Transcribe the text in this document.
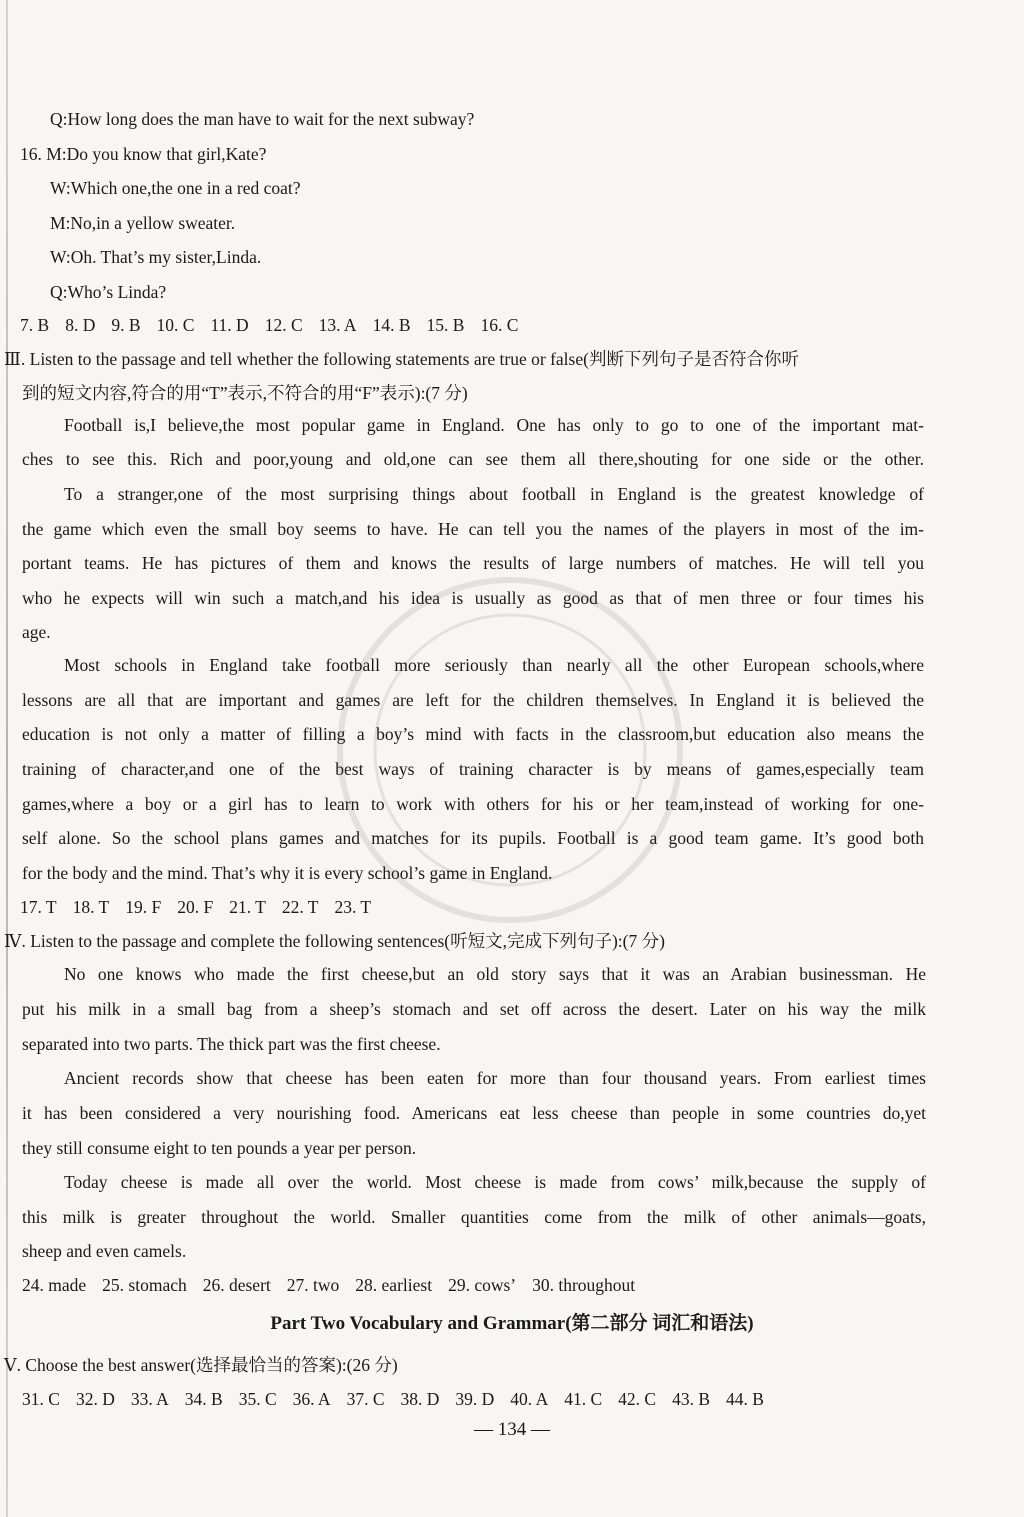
Q:How long does the man have to wait for the next subway?
16. M:Do you know that girl,Kate?
W:Which one,the one in a red coat?
M:No,in a yellow sweater.
W:Oh. That’s my sister,Linda.
Q:Who’s Linda?
7. B 8. D 9. B 10. C 11. D 12. C 13. A 14. B 15. B 16. C
Ⅲ. Listen to the passage and tell whether the following statements are true or false(判断下列句子是否符合你听
到的短文内容,符合的用“T”表示,不符合的用“F”表示):(7 分)
Football is,I believe,the most popular game in England. One has only to go to one of the important mat-
ches to see this. Rich and poor,young and old,one can see them all there,shouting for one side or the other.
To a stranger,one of the most surprising things about football in England is the greatest knowledge of
the game which even the small boy seems to have. He can tell you the names of the players in most of the im-
portant teams. He has pictures of them and knows the results of large numbers of matches. He will tell you
who he expects will win such a match,and his idea is usually as good as that of men three or four times his
age.
Most schools in England take football more seriously than nearly all the other European schools,where
lessons are all that are important and games are left for the children themselves. In England it is believed the
education is not only a matter of filling a boy’s mind with facts in the classroom,but education also means the
training of character,and one of the best ways of training character is by means of games,especially team
games,where a boy or a girl has to learn to work with others for his or her team,instead of working for one-
self alone. So the school plans games and matches for its pupils. Football is a good team game. It’s good both
for the body and the mind. That’s why it is every school’s game in England.
17. T 18. T 19. F 20. F 21. T 22. T 23. T
Ⅳ. Listen to the passage and complete the following sentences(听短文,完成下列句子):(7 分)
No one knows who made the first cheese,but an old story says that it was an Arabian businessman. He
put his milk in a small bag from a sheep’s stomach and set off across the desert. Later on his way the milk
separated into two parts. The thick part was the first cheese.
Ancient records show that cheese has been eaten for more than four thousand years. From earliest times
it has been considered a very nourishing food. Americans eat less cheese than people in some countries do,yet
they still consume eight to ten pounds a year per person.
Today cheese is made all over the world. Most cheese is made from cows’ milk,because the supply of
this milk is greater throughout the world. Smaller quantities come from the milk of other animals—goats,
sheep and even camels.
24. made 25. stomach 26. desert 27. two 28. earliest 29. cows’ 30. throughout
Part Two Vocabulary and Grammar(第二部分 词汇和语法)
Ⅴ. Choose the best answer(选择最恰当的答案):(26 分)
31. C 32. D 33. A 34. B 35. C 36. A 37. C 38. D 39. D 40. A 41. C 42. C 43. B 44. B
— 134 —
